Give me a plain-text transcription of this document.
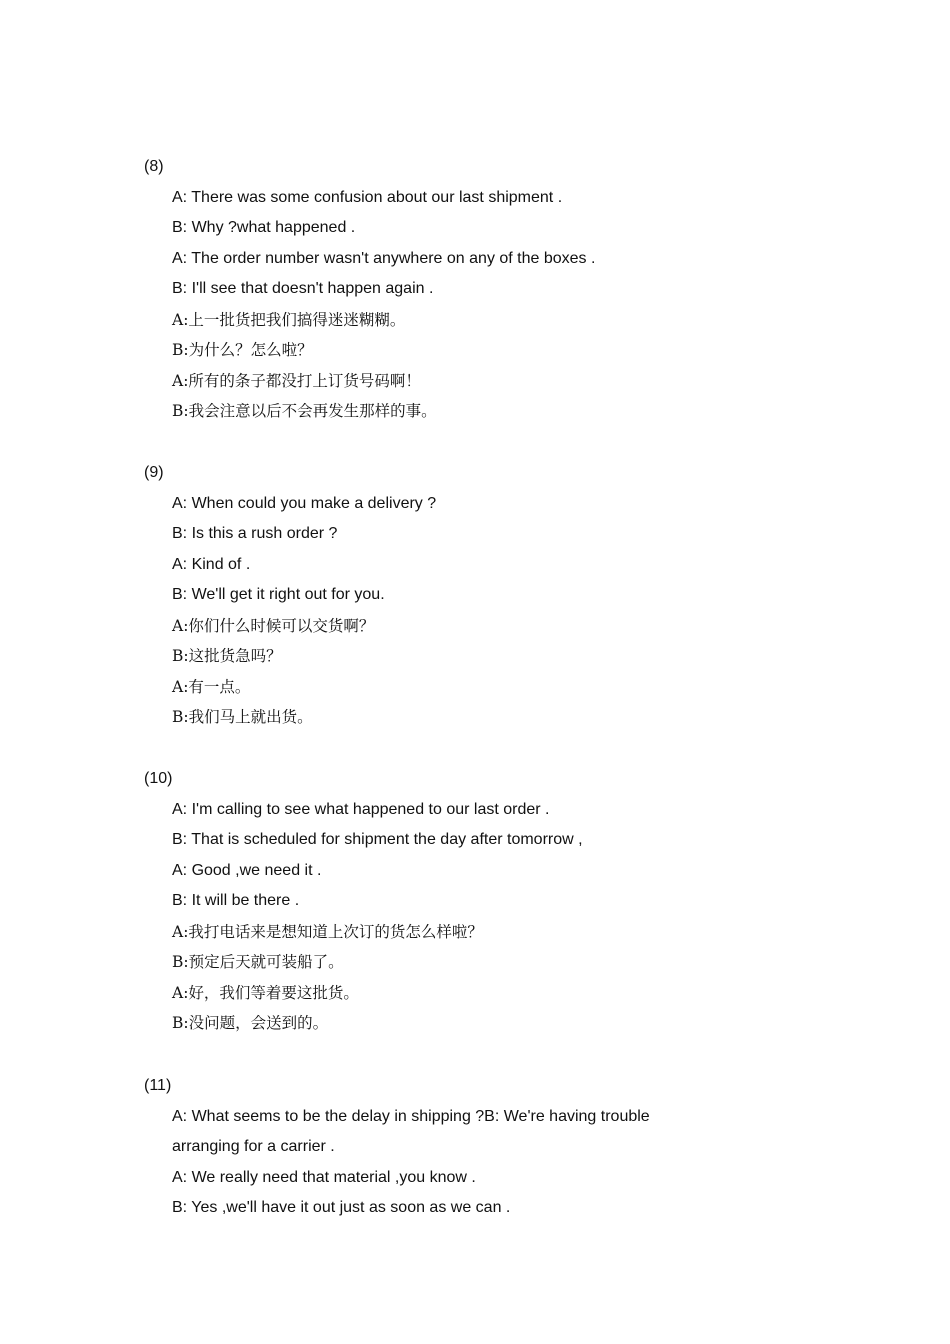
(8)
A: There was some confusion about our last shipment .
B: Why ?what happened .
A: The order number wasn't anywhere on any of the boxes .
B: I'll see that doesn't happen again .
A:上一批货把我们搞得迷迷糊糊。
B:为什么？怎么啦？
A:所有的条子都没打上订货号码啊！
B:我会注意以后不会再发生那样的事。
(9)
A: When could you make a delivery ?
B: Is this a rush order ?
A: Kind of .
B: We'll get it right out for you.
A:你们什么时候可以交货啊？
B:这批货急吗？
A:有一点。
B:我们马上就出货。
(10)
A: I'm calling to see what happened to our last order .
B: That is scheduled for shipment the day after tomorrow ,
A: Good ,we need it .
B: It will be there .
A:我打电话来是想知道上次订的货怎么样啦？
B:预定后天就可装船了。
A:好，我们等着要这批货。
B:没问题，会送到的。
(11)
A: What seems to be the delay in shipping ?B: We're having trouble
arranging for a carrier .
A: We really need that material ,you know .
B: Yes ,we'll have it out just as soon as we can .
